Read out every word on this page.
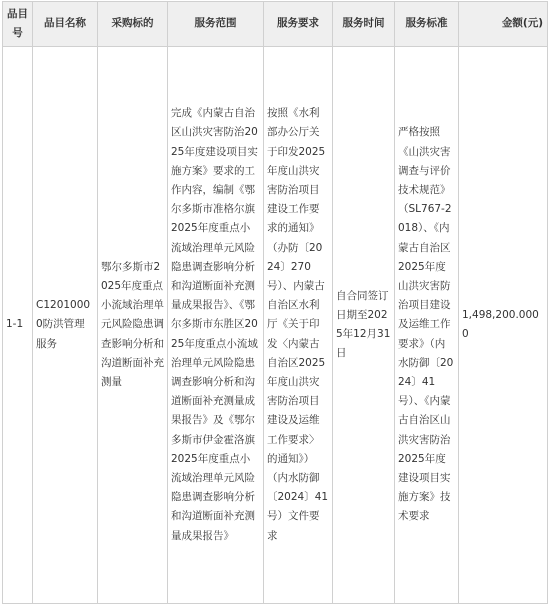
品目号	品目名称	采购标的	服务范围	服务要求	服务时间	服务标准	金额(元)
1-1	C12010000防洪管理服务	鄂尔多斯市2025年度重点小流域治理单元风险隐患调查影响分析和沟道断面补充测量	完成《内蒙古自治区山洪灾害防治2025年度建设项目实施方案》要求的工作内容，编制《鄂尔多斯市准格尔旗2025年度重点小流域治理单元风险隐患调查影响分析和沟道断面补充测量成果报告》、《鄂尔多斯市东胜区2025年度重点小流域治理单元风险隐患调查影响分析和沟道断面补充测量成果报告》及《鄂尔多斯市伊金霍洛旗2025年度重点小流域治理单元风险隐患调查影响分析和沟道断面补充测量成果报告》	按照《水利部办公厅关于印发2025年度山洪灾害防治项目建设工作要求的通知》（办防〔2024〕270号）、内蒙古自治区水利厅《关于印发〈内蒙古自治区2025年度山洪灾害防治项目建设及运维工作要求〉的通知》）（内水防御〔2024〕41号）文件要求	自合同签订日期至2025年12月31日	严格按照《山洪灾害调查与评价技术规范》（SL767-2018）、《内蒙古自治区2025年度山洪灾害防治项目建设及运维工作要求》（内水防御〔2024〕41号）、《内蒙古自治区山洪灾害防治2025年度建设项目实施方案》技术要求	1,498,200.0000
